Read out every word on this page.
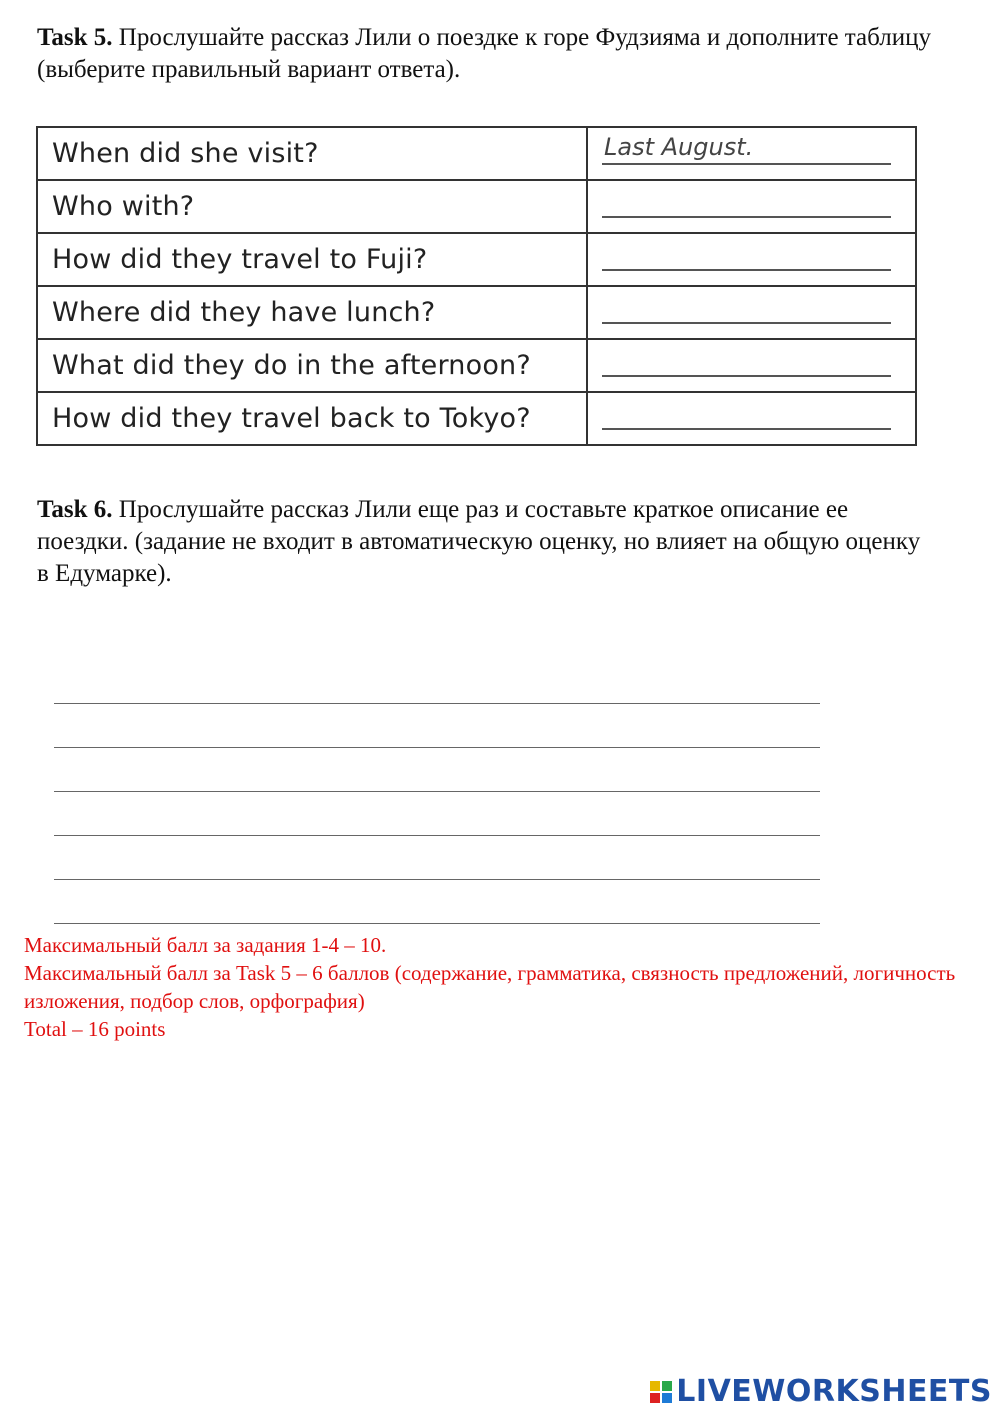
Task 5. Прослушайте рассказ Лили о поездке к горе Фудзияма и дополните таблицу (выберите правильный вариант ответа).
When did she visit?	Last August.

Who with?	

How did they travel to Fuji?	

Where did they have lunch?	

What did they do in the afternoon?	

How did they travel back to Tokyo?	
Task 6. Прослушайте рассказ Лили еще раз и составьте краткое описание ее поездки. (задание не входит в автоматическую оценку, но влияет на общую оценку в Едумарке).
Максимальный балл за задания 1-4 – 10.
Максимальный балл за Task 5 – 6 баллов (содержание, грамматика, связность предложений, логичность изложения, подбор слов, орфография)
Total – 16 points
LIVEWORKSHEETS
